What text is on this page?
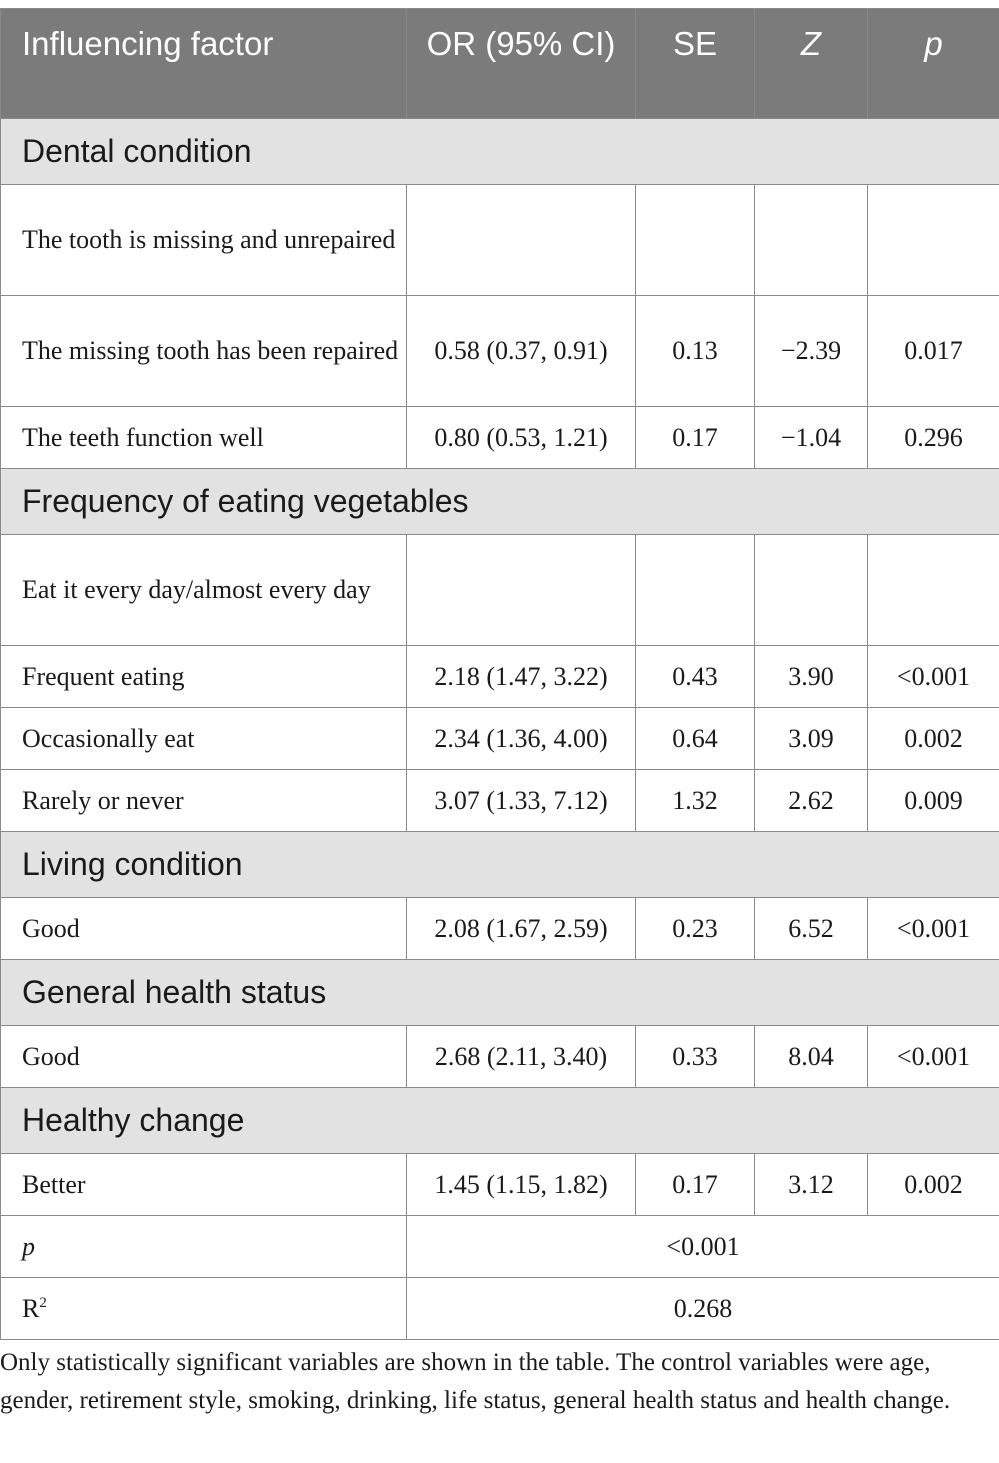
Influencing factor	OR (95% CI)	SE	Z	p
Dental condition				
The tooth is missing and unrepaired				
The missing tooth has been repaired	0.58 (0.37, 0.91)	0.13	−2.39	0.017
The teeth function well	0.80 (0.53, 1.21)	0.17	−1.04	0.296
Frequency of eating vegetables				
Eat it every day/almost every day				
Frequent eating	2.18 (1.47, 3.22)	0.43	3.90	<0.001
Occasionally eat	2.34 (1.36, 4.00)	0.64	3.09	0.002
Rarely or never	3.07 (1.33, 7.12)	1.32	2.62	0.009
Living condition				
Good	2.08 (1.67, 2.59)	0.23	6.52	<0.001
General health status				
Good	2.68 (2.11, 3.40)	0.33	8.04	<0.001
Healthy change				
Better	1.45 (1.15, 1.82)	0.17	3.12	0.002
p	<0.001			
$R^2$	0.268			
Only statistically significant variables are shown in the table. The control variables were age, gender, retirement style, smoking, drinking, life status, general health status and health change.
